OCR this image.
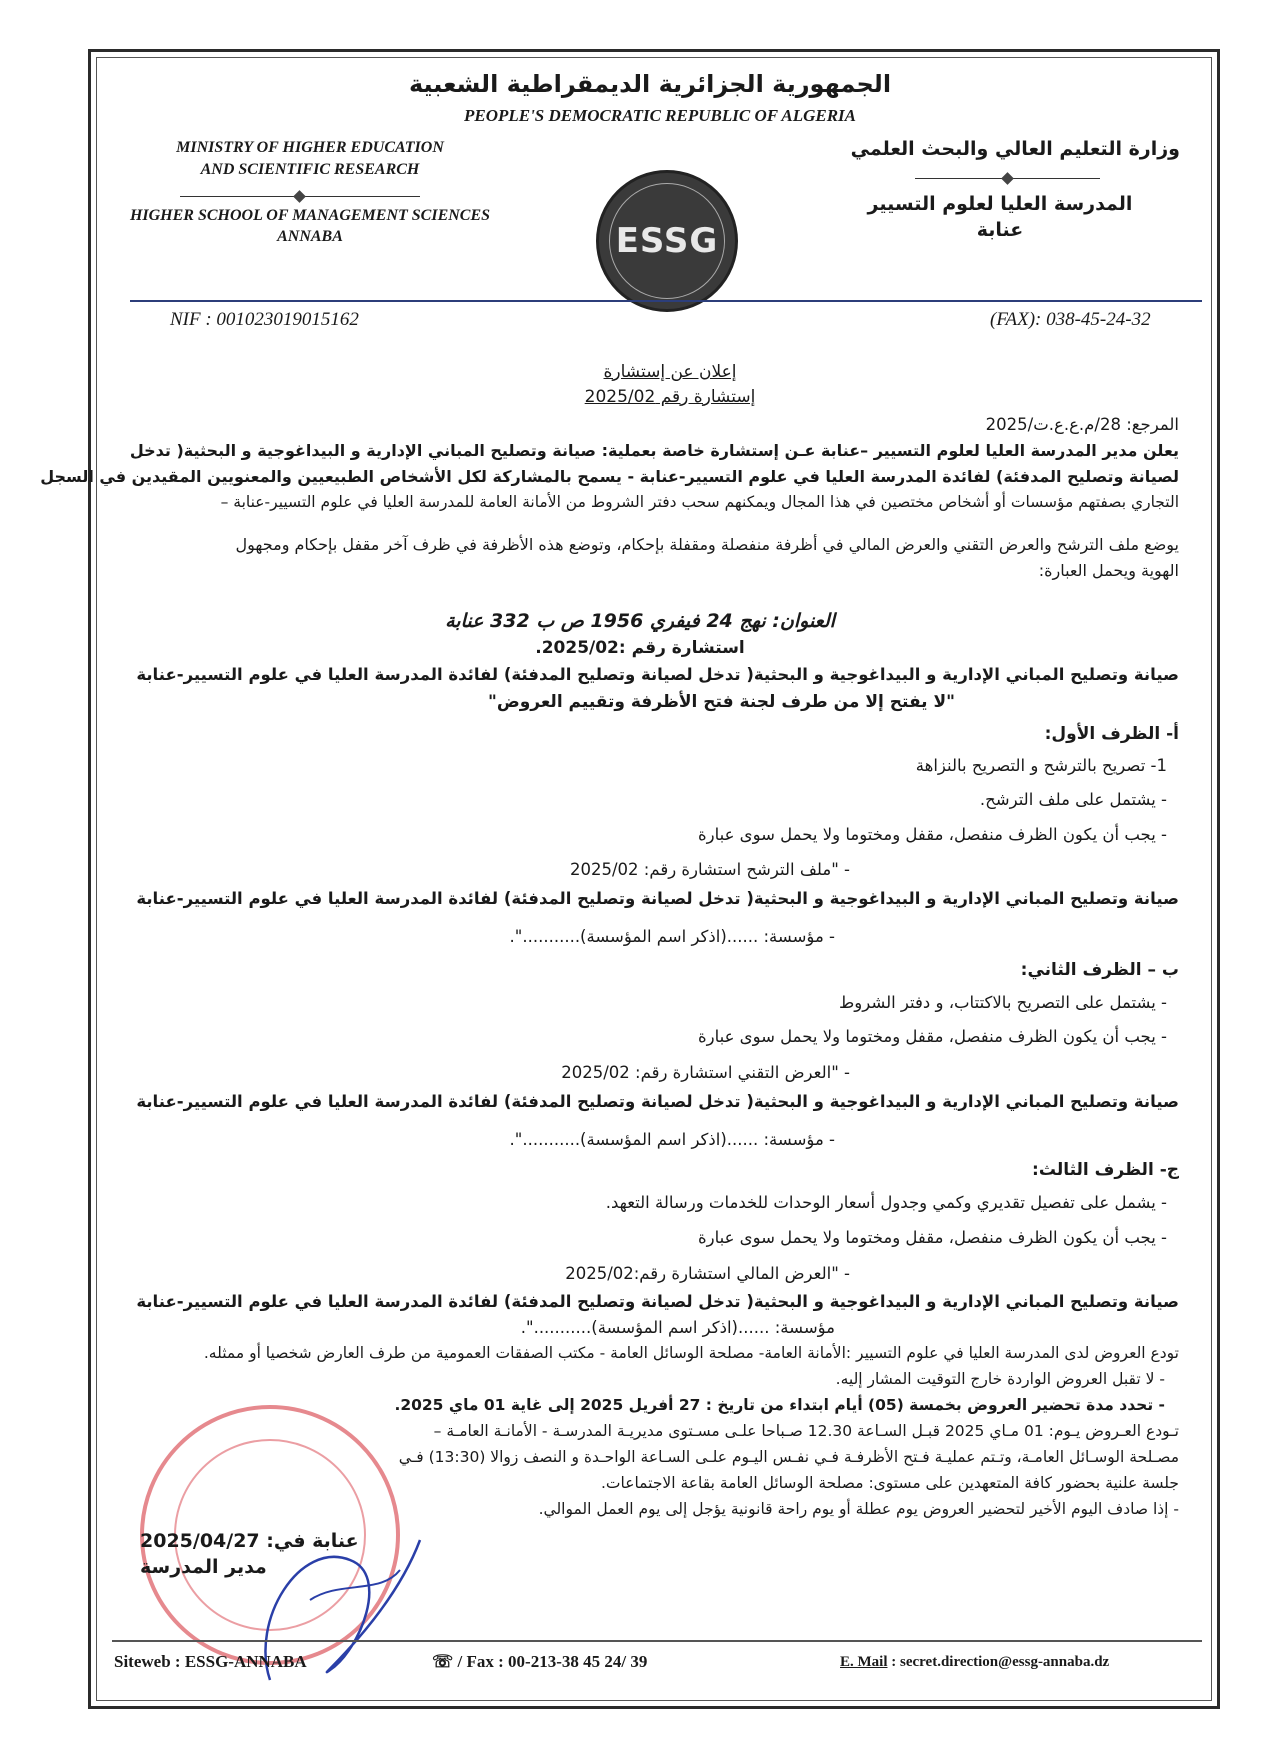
الجمهورية الجزائرية الديمقراطية الشعبية
PEOPLE'S DEMOCRATIC REPUBLIC OF ALGERIA
MINISTRY OF HIGHER EDUCATION
AND SCIENTIFIC RESEARCH
HIGHER SCHOOL OF MANAGEMENT SCIENCES
ANNABA
وزارة التعليم العالي والبحث العلمي
المدرسة العليا لعلوم التسيير
عنابة
ESSG
NIF : 001023019015162	(FAX): 038-45-24-32
إعلان عن إستشارة
إستشارة رقم 2025/02
المرجع: 28/م.ع.ع.ت/2025
يعلن مدير المدرسة العليا لعلوم التسيير –عنابة عـن إستشارة خاصة بعملية: صيانة وتصليح المباني الإدارية و البيداغوجية و البحثية( تدخل
لصيانة وتصليح المدفئة) لفائدة المدرسة العليا في علوم التسيير-عنابة - يسمح بالمشاركة لكل الأشخاص الطبيعيين والمعنويين المقيدين في السجل
التجاري بصفتهم مؤسسات أو أشخاص مختصين في هذا المجال ويمكنهم سحب دفتر الشروط من الأمانة العامة للمدرسة العليا في علوم التسيير-عنابة –
يوضع ملف الترشح والعرض التقني والعرض المالي في أظرفة منفصلة ومقفلة بإحكام، وتوضع هذه الأظرفة في ظرف آخر مقفل بإحكام ومجهول
الهوية ويحمل العبارة:
العنوان: نهج 24 فيفري 1956 ص ب 332 عنابة
استشارة رقم :2025/02.
صيانة وتصليح المباني الإدارية و البيداغوجية و البحثية( تدخل لصيانة وتصليح المدفئة) لفائدة المدرسة العليا في علوم التسيير-عنابة
"لا يفتح إلا من طرف لجنة فتح الأظرفة وتقييم العروض"
أ- الظرف الأول:
1- تصريح بالترشح و التصريح بالنزاهة
- يشتمل على ملف الترشح.
- يجب أن يكون الظرف منفصل، مقفل ومختوما ولا يحمل سوى عبارة
- "ملف الترشح استشارة رقم: 2025/02
صيانة وتصليح المباني الإدارية و البيداغوجية و البحثية( تدخل لصيانة وتصليح المدفئة) لفائدة المدرسة العليا في علوم التسيير-عنابة
- مؤسسة: ......(اذكر اسم المؤسسة)...........".
ب – الظرف الثاني:
- يشتمل على التصريح بالاكتتاب، و دفتر الشروط
- يجب أن يكون الظرف منفصل، مقفل ومختوما ولا يحمل سوى عبارة
- "العرض التقني استشارة رقم: 2025/02
صيانة وتصليح المباني الإدارية و البيداغوجية و البحثية( تدخل لصيانة وتصليح المدفئة) لفائدة المدرسة العليا في علوم التسيير-عنابة
- مؤسسة: ......(اذكر اسم المؤسسة)...........".
ج- الظرف الثالث:
- يشمل على تفصيل تقديري وكمي وجدول أسعار الوحدات للخدمات ورسالة التعهد.
- يجب أن يكون الظرف منفصل، مقفل ومختوما ولا يحمل سوى عبارة
- "العرض المالي استشارة رقم:2025/02
صيانة وتصليح المباني الإدارية و البيداغوجية و البحثية( تدخل لصيانة وتصليح المدفئة) لفائدة المدرسة العليا في علوم التسيير-عنابة
مؤسسة: ......(اذكر اسم المؤسسة)...........".
تودع العروض لدى المدرسة العليا في علوم التسيير :الأمانة العامة- مصلحة الوسائل العامة - مكتب الصفقات العمومية من طرف العارض شخصيا أو ممثله.
- لا تقبل العروض الواردة خارج التوقيت المشار إليه.
- تحدد مدة تحضير العروض بخمسة (05) أيام ابتداء من تاريخ : 27 أفريل 2025 إلى غاية 01 ماي 2025.
تـودع العـروض يـوم: 01 مـاي 2025 قبـل السـاعة 12.30 صـباحا علـى مسـتوى مديريـة المدرسـة - الأمانـة العامـة –
مصـلحة الوسـائل العامـة، وتـتم عمليـة فـتح الأظرفـة فـي نفـس اليـوم علـى السـاعة الواحـدة و النصف زوالا (13:30) فـي
جلسة علنية بحضور كافة المتعهدين على مستوى: مصلحة الوسائل العامة بقاعة الاجتماعات.
- إذا صادف اليوم الأخير لتحضير العروض يوم عطلة أو يوم راحة قانونية يؤجل إلى يوم العمل الموالي.
عنابة في: 2025/04/27
مدير المدرسة
Siteweb : ESSG-ANNABA	☏ / Fax : 00-213-38 45 24/ 39	E. Mail : secret.direction@essg-annaba.dz
